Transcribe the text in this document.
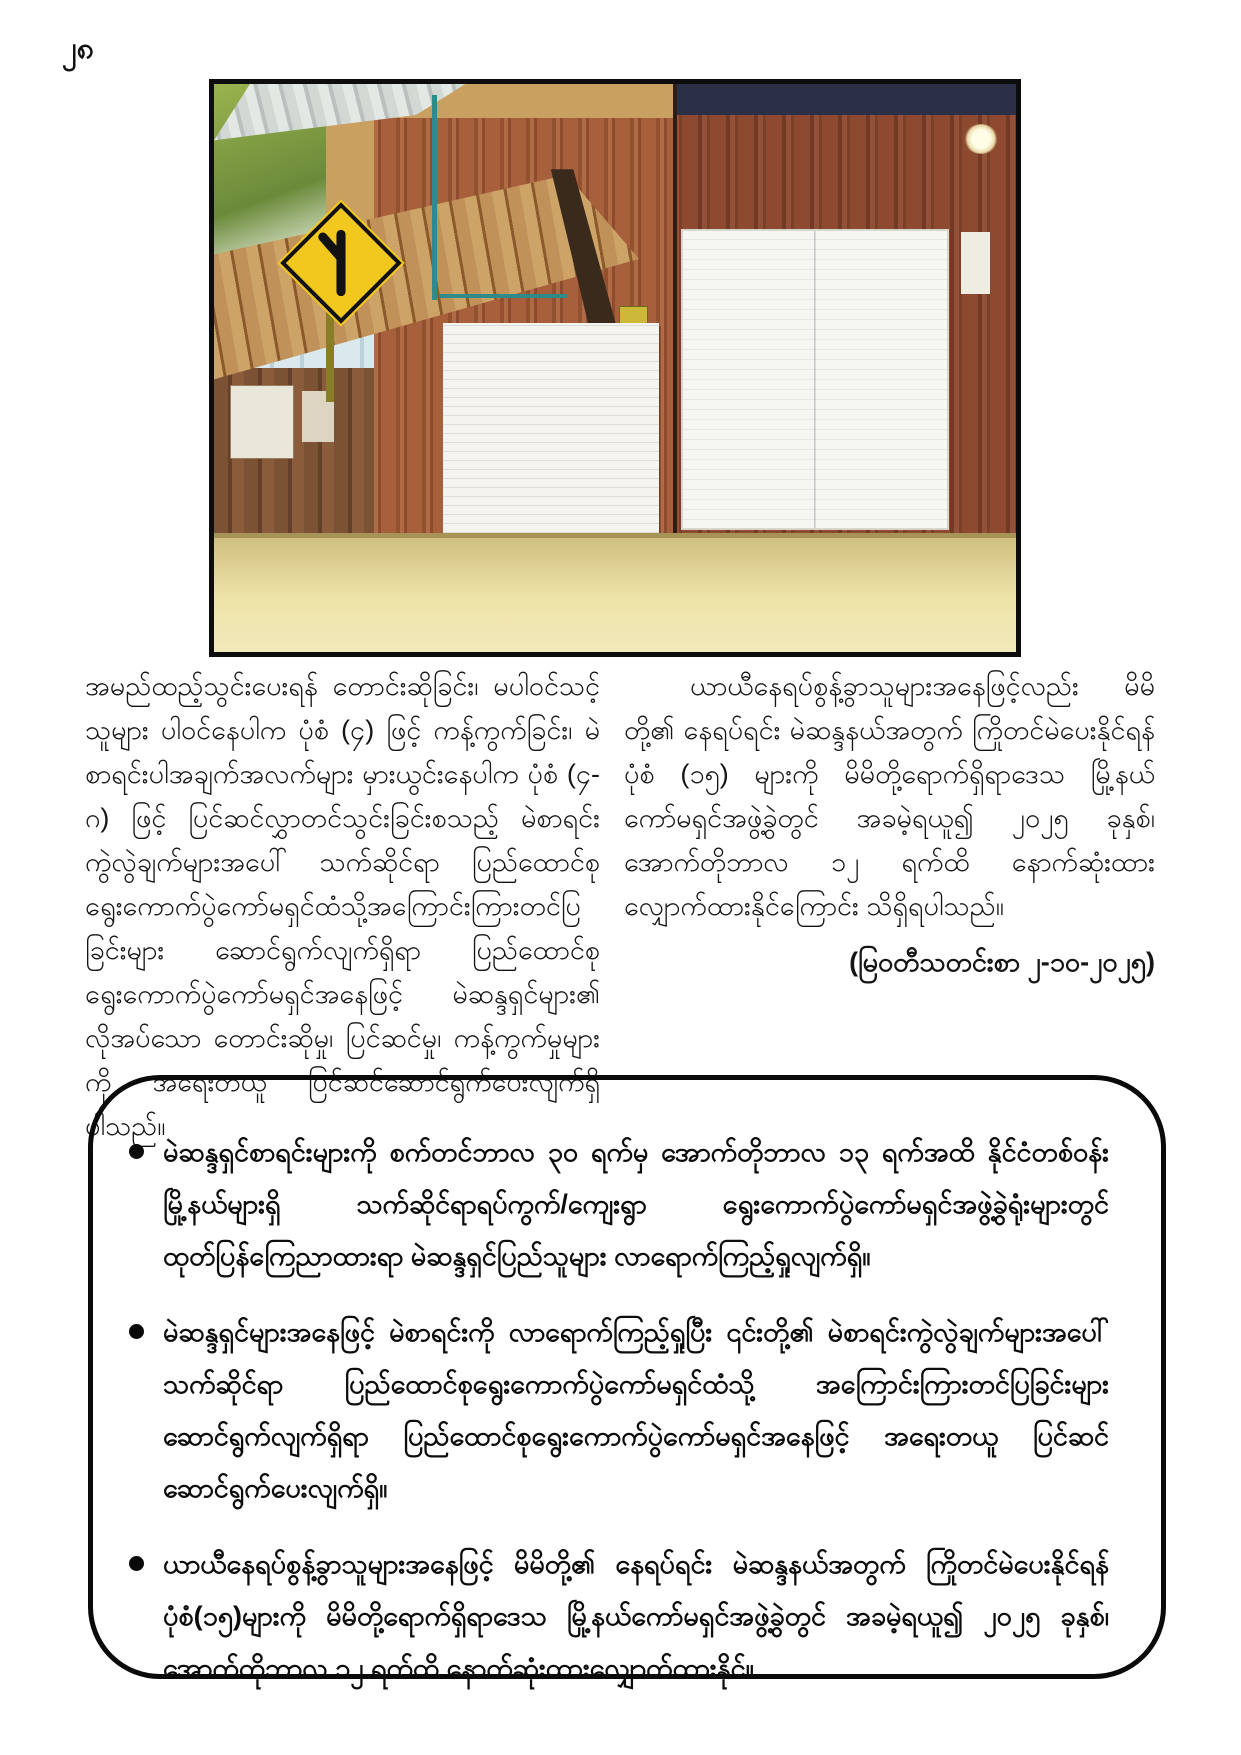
၂၈
အမည်ထည့်သွင်းပေးရန် တောင်းဆိုခြင်း၊ မပါဝင်သင့်သူများ ပါဝင်နေပါက ပုံစံ (၄) ဖြင့် ကန့်ကွက်ခြင်း၊ မဲစာရင်းပါအချက်အလက်များ မှားယွင်းနေပါက ပုံစံ (၄-ဂ) ဖြင့် ပြင်ဆင်လွှာတင်သွင်းခြင်းစသည့် မဲစာရင်းကွဲလွဲချက်များအပေါ် သက်ဆိုင်ရာ ပြည်ထောင်စုရွေးကောက်ပွဲကော်မရှင်ထံသို့အကြောင်းကြားတင်ပြခြင်းများ ဆောင်ရွက်လျက်ရှိရာ ပြည်ထောင်စုရွေးကောက်ပွဲကော်မရှင်အနေဖြင့် မဲဆန္ဒရှင်များ၏ လိုအပ်သော တောင်းဆိုမှု၊ ပြင်ဆင်မှု၊ ကန့်ကွက်မှုများကို အရေးတယူ ပြင်ဆင်ဆောင်ရွက်ပေးလျက်ရှိပါသည်။
ယာယီနေရပ်စွန့်ခွာသူများအနေဖြင့်လည်း မိမိတို့၏ နေရပ်ရင်း မဲဆန္ဒနယ်အတွက် ကြိုတင်မဲပေးနိုင်ရန် ပုံစံ (၁၅) များကို မိမိတို့ရောက်ရှိရာဒေသ မြို့နယ်ကော်မရှင်အဖွဲ့ခွဲတွင် အခမဲ့ရယူ၍ ၂၀၂၅ ခုနှစ်၊ အောက်တိုဘာလ ၁၂ ရက်ထိ နောက်ဆုံးထားလျှောက်ထားနိုင်ကြောင်း သိရှိရပါသည်။
(မြဝတီသတင်းစာ ၂-၁၀-၂၀၂၅)
မဲဆန္ဒရှင်စာရင်းများကို စက်တင်ဘာလ ၃၀ ရက်မှ အောက်တိုဘာလ ၁၃ ရက်အထိ နိုင်ငံတစ်ဝန်း မြို့နယ်များရှိ သက်ဆိုင်ရာရပ်ကွက်/ကျေးရွာ ရွေးကောက်ပွဲကော်မရှင်အဖွဲ့ခွဲရုံးများတွင် ထုတ်ပြန်ကြေညာထားရာ မဲဆန္ဒရှင်ပြည်သူများ လာရောက်ကြည့်ရှုလျက်ရှိ။
မဲဆန္ဒရှင်များအနေဖြင့် မဲစာရင်းကို လာရောက်ကြည့်ရှုပြီး ၎င်းတို့၏ မဲစာရင်းကွဲလွဲချက်များအပေါ် သက်ဆိုင်ရာ ပြည်ထောင်စုရွေးကောက်ပွဲကော်မရှင်ထံသို့ အကြောင်းကြားတင်ပြခြင်းများ ဆောင်ရွက်လျက်ရှိရာ ပြည်ထောင်စုရွေးကောက်ပွဲကော်မရှင်အနေဖြင့် အရေးတယူ ပြင်ဆင်ဆောင်ရွက်ပေးလျက်ရှိ။
ယာယီနေရပ်စွန့်ခွာသူများအနေဖြင့် မိမိတို့၏ နေရပ်ရင်း မဲဆန္ဒနယ်အတွက် ကြိုတင်မဲပေးနိုင်ရန် ပုံစံ(၁၅)များကို မိမိတို့ရောက်ရှိရာဒေသ မြို့နယ်ကော်မရှင်အဖွဲ့ခွဲတွင် အခမဲ့ရယူ၍ ၂၀၂၅ ခုနှစ်၊ အောက်တိုဘာလ ၁၂ ရက်ထိ နောက်ဆုံးထားလျှောက်ထားနိုင်။
